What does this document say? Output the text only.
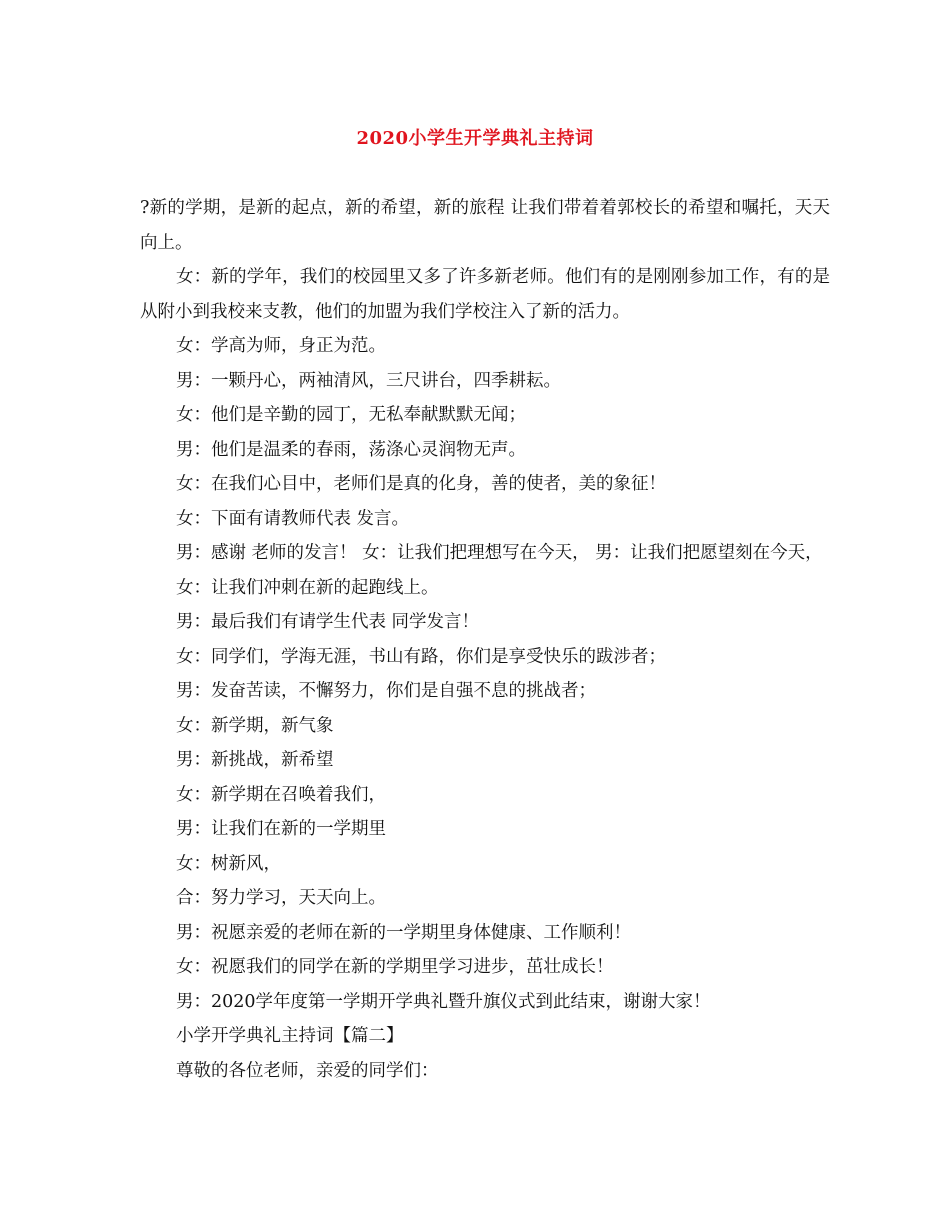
2020小学生开学典礼主持词

?新的学期，是新的起点，新的希望，新的旅程 让我们带着着郭校长的希望和嘱托，天天向上。

女：新的学年，我们的校园里又多了许多新老师。他们有的是刚刚参加工作，有的是从附小到我校来支教，他们的加盟为我们学校注入了新的活力。

女：学高为师，身正为范。

男：一颗丹心，两袖清风，三尺讲台，四季耕耘。

女：他们是辛勤的园丁，无私奉献默默无闻；

男：他们是温柔的春雨，荡涤心灵润物无声。

女：在我们心目中，老师们是真的化身，善的使者，美的象征！

女：下面有请教师代表 发言。

男：感谢 老师的发言！ 女：让我们把理想写在今天， 男：让我们把愿望刻在今天，

女：让我们冲刺在新的起跑线上。

男：最后我们有请学生代表 同学发言！

女：同学们，学海无涯，书山有路，你们是享受快乐的跋涉者；

男：发奋苦读，不懈努力，你们是自强不息的挑战者；

女：新学期，新气象

男：新挑战，新希望

女：新学期在召唤着我们，

男：让我们在新的一学期里

女：树新风，

合：努力学习，天天向上。

男：祝愿亲爱的老师在新的一学期里身体健康、工作顺利！

女：祝愿我们的同学在新的学期里学习进步，茁壮成长！

男：2020学年度第一学期开学典礼暨升旗仪式到此结束，谢谢大家！

小学开学典礼主持词【篇二】

尊敬的各位老师，亲爱的同学们：
